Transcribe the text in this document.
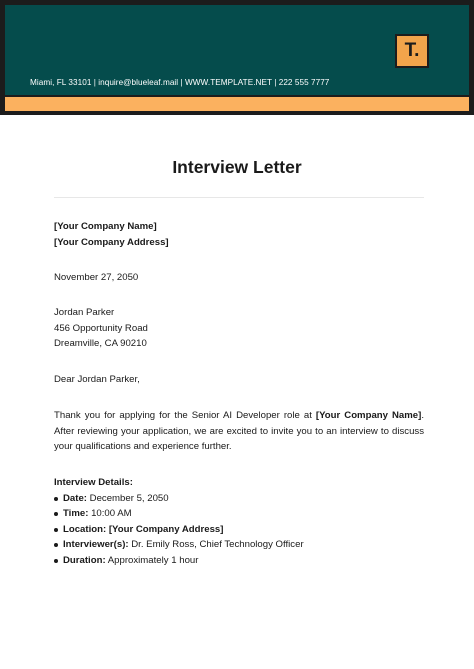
T.
Miami, FL 33101 | inquire@blueleaf.mail | WWW.TEMPLATE.NET | 222 555 7777
Interview Letter
[Your Company Name]
[Your Company Address]
November 27, 2050
Jordan Parker
456 Opportunity Road
Dreamville, CA 90210
Dear Jordan Parker,
Thank you for applying for the Senior AI Developer role at [Your Company Name]. After reviewing your application, we are excited to invite you to an interview to discuss your qualifications and experience further.
Interview Details:
Date: December 5, 2050
Time: 10:00 AM
Location: [Your Company Address]
Interviewer(s): Dr. Emily Ross, Chief Technology Officer
Duration: Approximately 1 hour
